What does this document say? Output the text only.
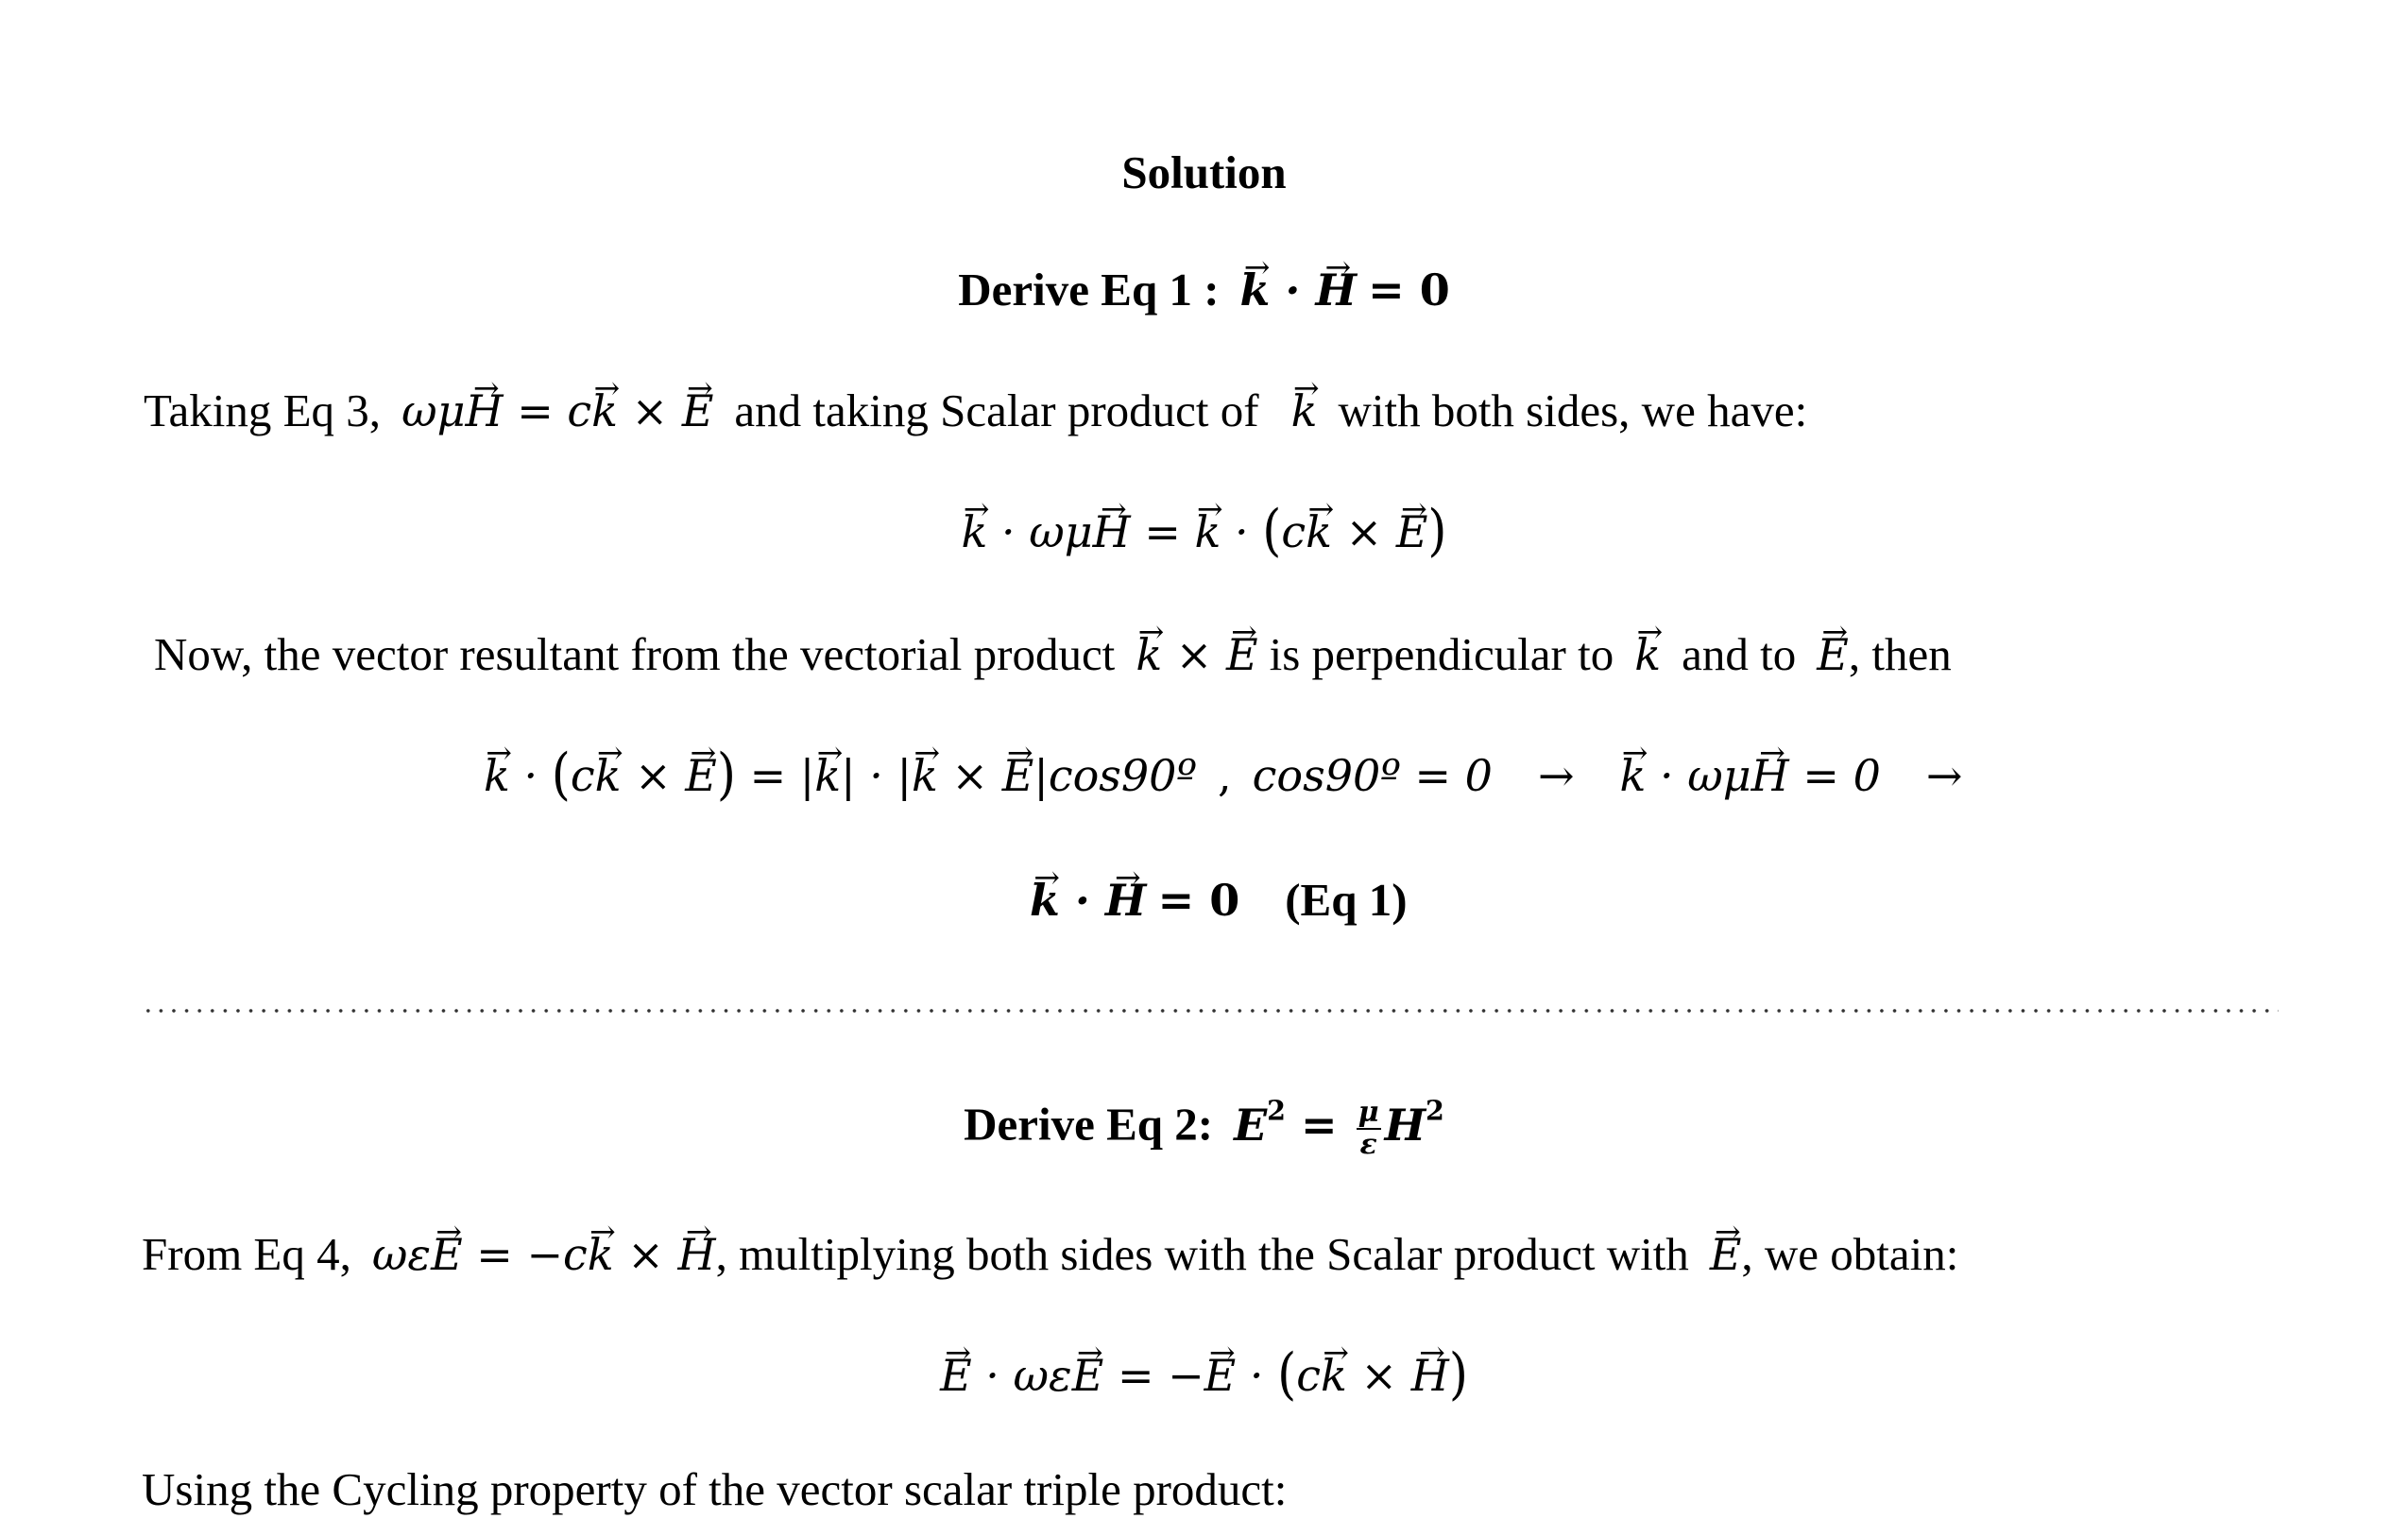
Solution
Derive Eq 1 : → k · → H = 0
Taking Eq 3, ωμ→ H = c→ k × → E and taking Scalar product of → k with both sides, we have:
→ k · ωμ→ H = → k · (c→ k × → E)
Now, the vector resultant from the vectorial product → k × → E is perpendicular to → k and to → E, then
→ k · (c→ k × → E) = |→ k| · |→ k × → E|cos90º , cos90º = 0 → → k · ωμ→ H = 0 →
→ k · → H = 0 (Eq 1)
Derive Eq 2: $E^2 = \frac{\mu}{\varepsilon} H^2$
From Eq 4, ωε→ E = −c→ k × → H, multiplying both sides with the Scalar product with → E, we obtain:
→ E · ωε→ E = −→ E · (c→ k × → H)
Using the Cycling property of the vector scalar triple product:
